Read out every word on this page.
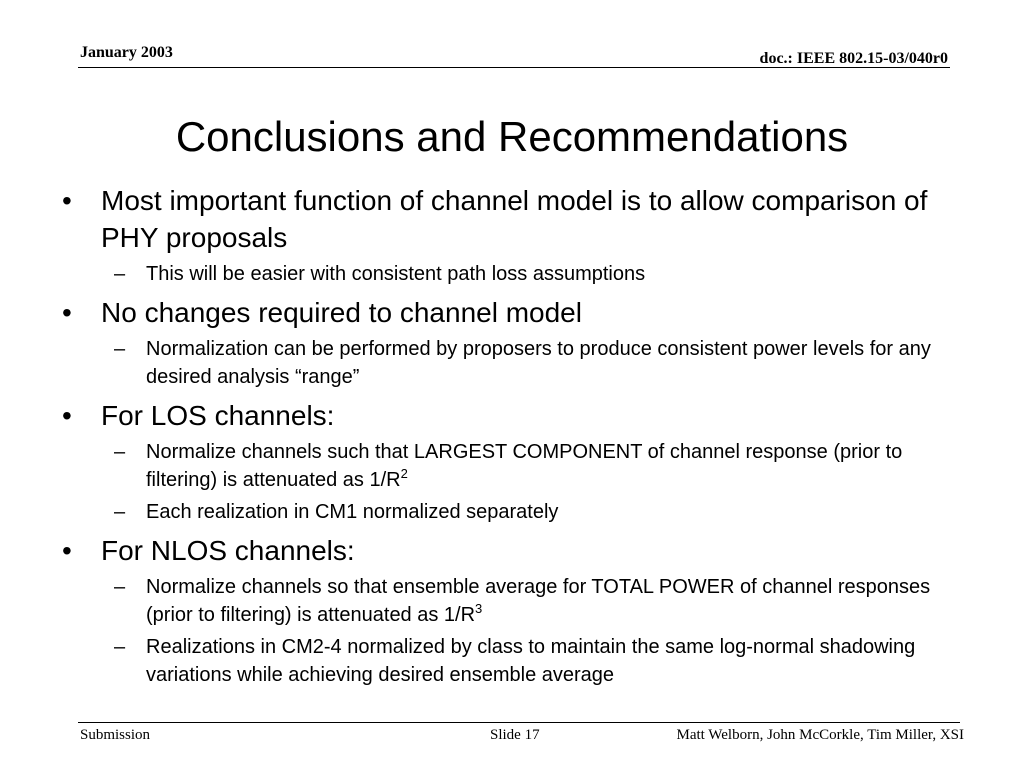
January 2003	doc.: IEEE 802.15-03/040r0
Conclusions and Recommendations
• Most important function of channel model is to allow comparison of PHY proposals
– This will be easier with consistent path loss assumptions
• No changes required to channel model
– Normalization can be performed by proposers to produce consistent power levels for any desired analysis “range”
• For LOS channels:
– Normalize channels such that LARGEST COMPONENT of channel response (prior to filtering) is attenuated as $1/R^2$
– Each realization in CM1 normalized separately
• For NLOS channels:
– Normalize channels so that ensemble average for TOTAL POWER of channel responses (prior to filtering) is attenuated as $1/R^3$
– Realizations in CM2-4 normalized by class to maintain the same log-normal shadowing variations while achieving desired ensemble average
Submission	Slide 17	Matt Welborn, John McCorkle, Tim Miller, XSI
